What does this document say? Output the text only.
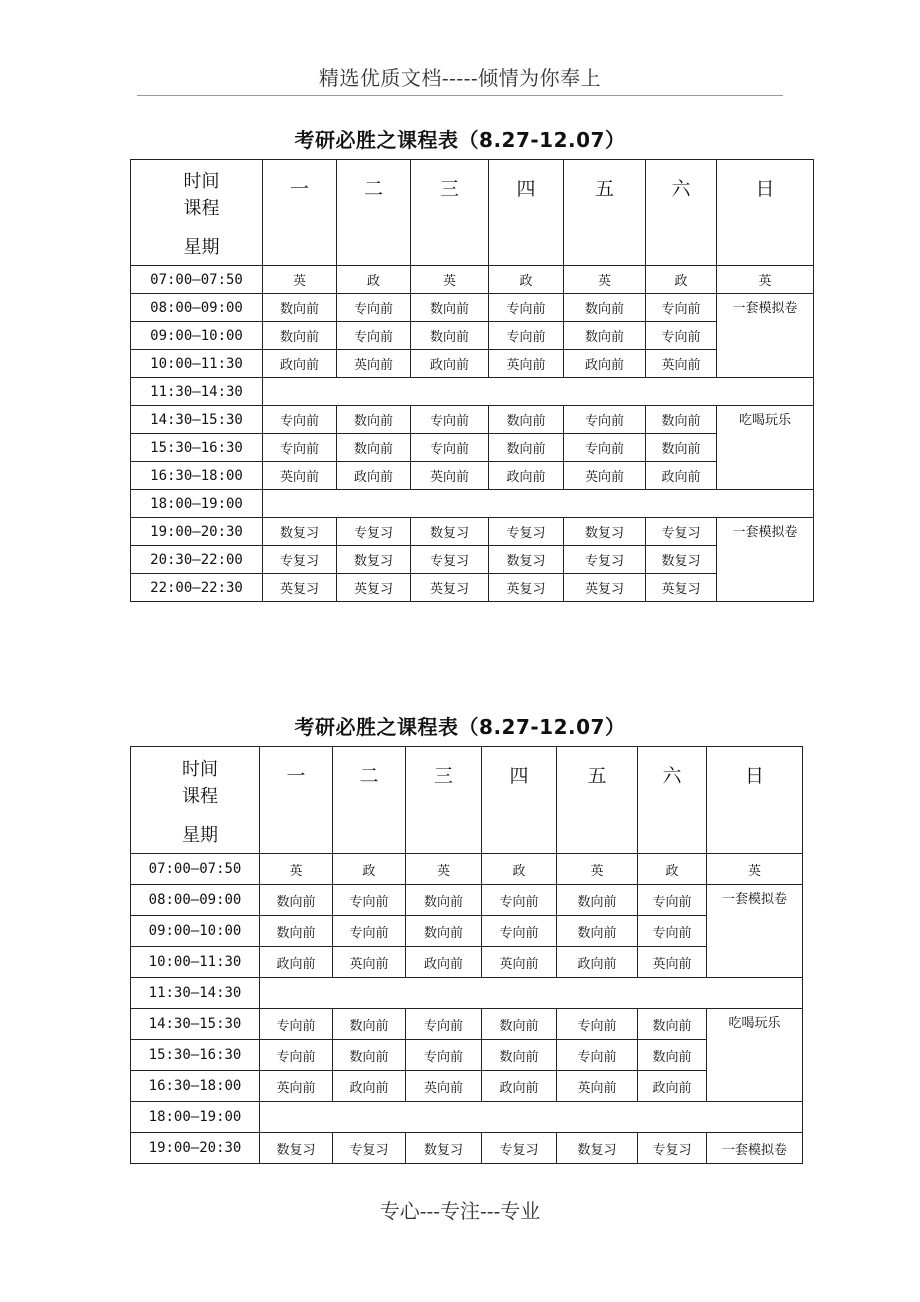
精选优质文档-----倾情为你奉上
考研必胜之课程表（8.27-12.07）
时间
课程
星期	一	二	三	四	五	六	日
07:00—07:50	英	政	英	政	英	政	英
08:00—09:00	数向前	专向前	数向前	专向前	数向前	专向前	一套模拟卷
09:00—10:00	数向前	专向前	数向前	专向前	数向前	专向前	
10:00—11:30	政向前	英向前	政向前	英向前	政向前	英向前	
11:30—14:30							
14:30—15:30	专向前	数向前	专向前	数向前	专向前	数向前	吃喝玩乐
15:30—16:30	专向前	数向前	专向前	数向前	专向前	数向前	
16:30—18:00	英向前	政向前	英向前	政向前	英向前	政向前	
18:00—19:00							
19:00—20:30	数复习	专复习	数复习	专复习	数复习	专复习	一套模拟卷
20:30—22:00	专复习	数复习	专复习	数复习	专复习	数复习	
22:00—22:30	英复习	英复习	英复习	英复习	英复习	英复习	
考研必胜之课程表（8.27-12.07）
时间
课程
星期	一	二	三	四	五	六	日
07:00—07:50	英	政	英	政	英	政	英
08:00—09:00	数向前	专向前	数向前	专向前	数向前	专向前	一套模拟卷
09:00—10:00	数向前	专向前	数向前	专向前	数向前	专向前	
10:00—11:30	政向前	英向前	政向前	英向前	政向前	英向前	
11:30—14:30							
14:30—15:30	专向前	数向前	专向前	数向前	专向前	数向前	吃喝玩乐
15:30—16:30	专向前	数向前	专向前	数向前	专向前	数向前	
16:30—18:00	英向前	政向前	英向前	政向前	英向前	政向前	
18:00—19:00							
19:00—20:30	数复习	专复习	数复习	专复习	数复习	专复习	一套模拟卷
专心---专注---专业
